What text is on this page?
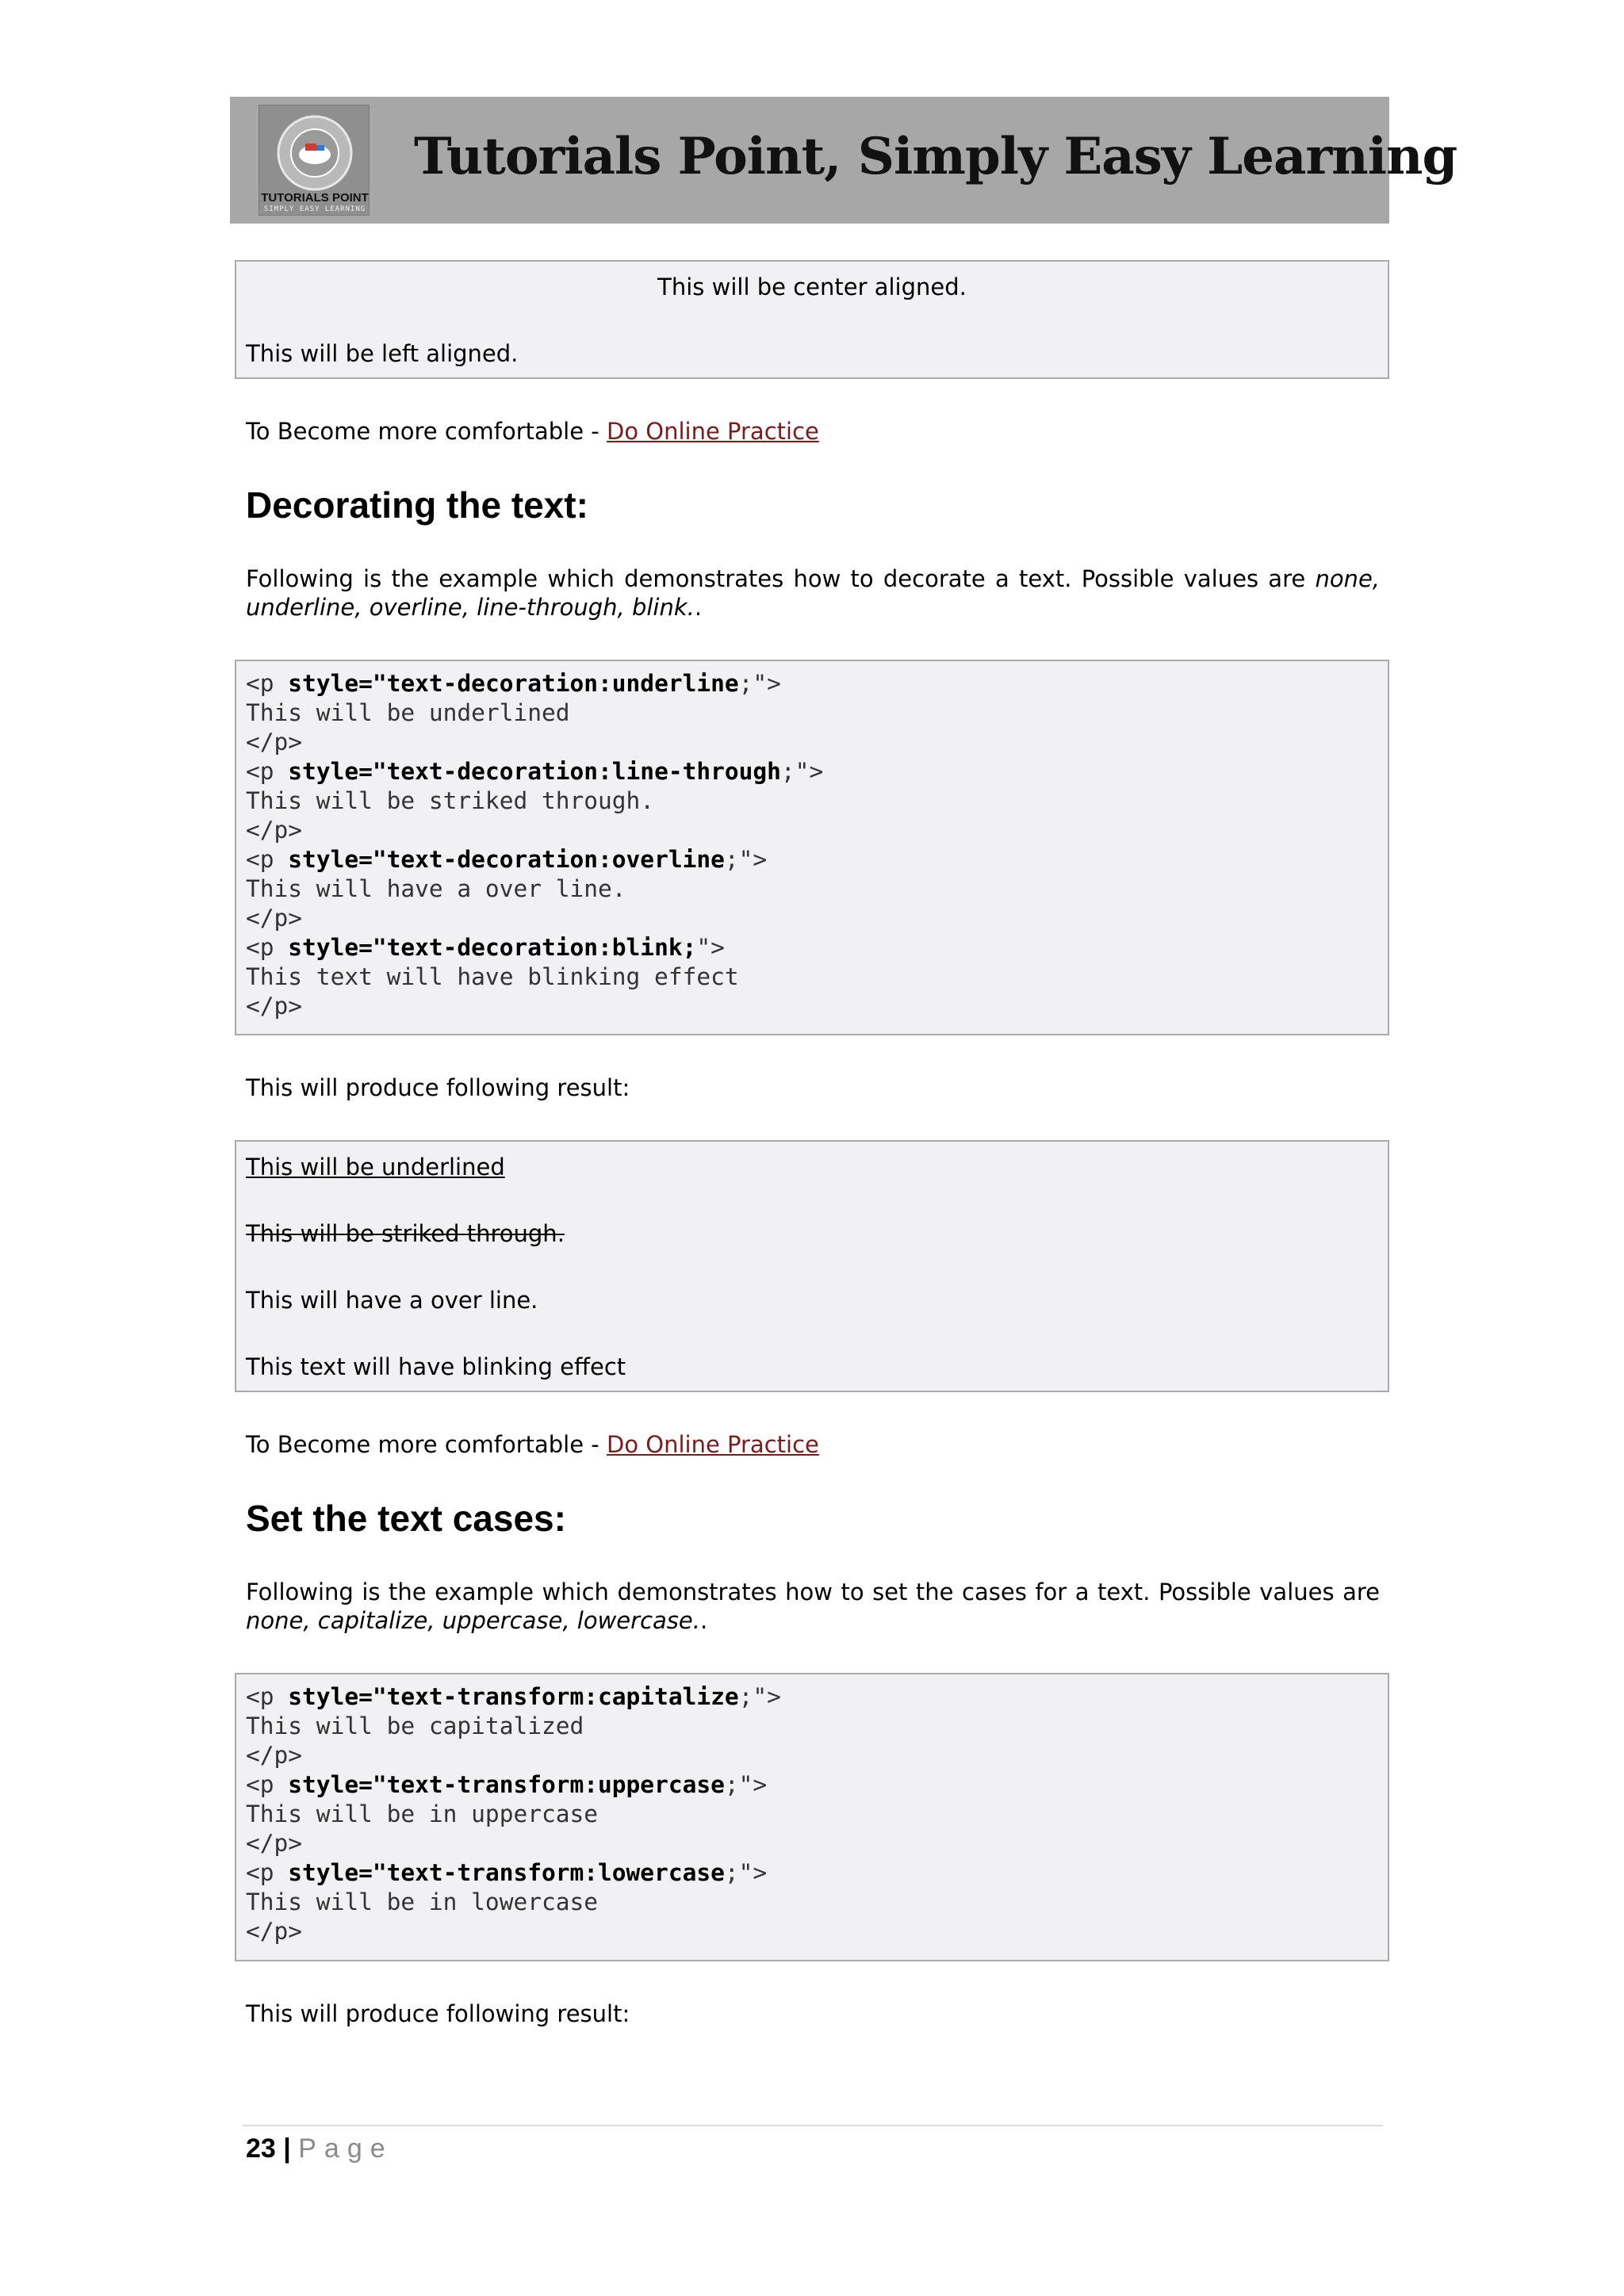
TUTORIALS POINT
SIMPLY EASY LEARNING
Tutorials Point, Simply Easy Learning
This will be center aligned.
This will be left aligned.
To Become more comfortable - Do Online Practice
Decorating the text:
Following is the example which demonstrates how to decorate a text. Possible values are none, underline, overline, line-through, blink..
<p style="text-decoration:underline;">
This will be underlined
</p>
<p style="text-decoration:line-through;">
This will be striked through.
</p>
<p style="text-decoration:overline;">
This will have a over line.
</p>
<p style="text-decoration:blink;">
This text will have blinking effect
</p>
This will produce following result:
This will be underlined
This will be striked through.
This will have a over line.
This text will have blinking effect
To Become more comfortable - Do Online Practice
Set the text cases:
Following is the example which demonstrates how to set the cases for a text. Possible values are none, capitalize, uppercase, lowercase..
<p style="text-transform:capitalize;">
This will be capitalized
</p>
<p style="text-transform:uppercase;">
This will be in uppercase
</p>
<p style="text-transform:lowercase;">
This will be in lowercase
</p>
This will produce following result:
23 | Page
